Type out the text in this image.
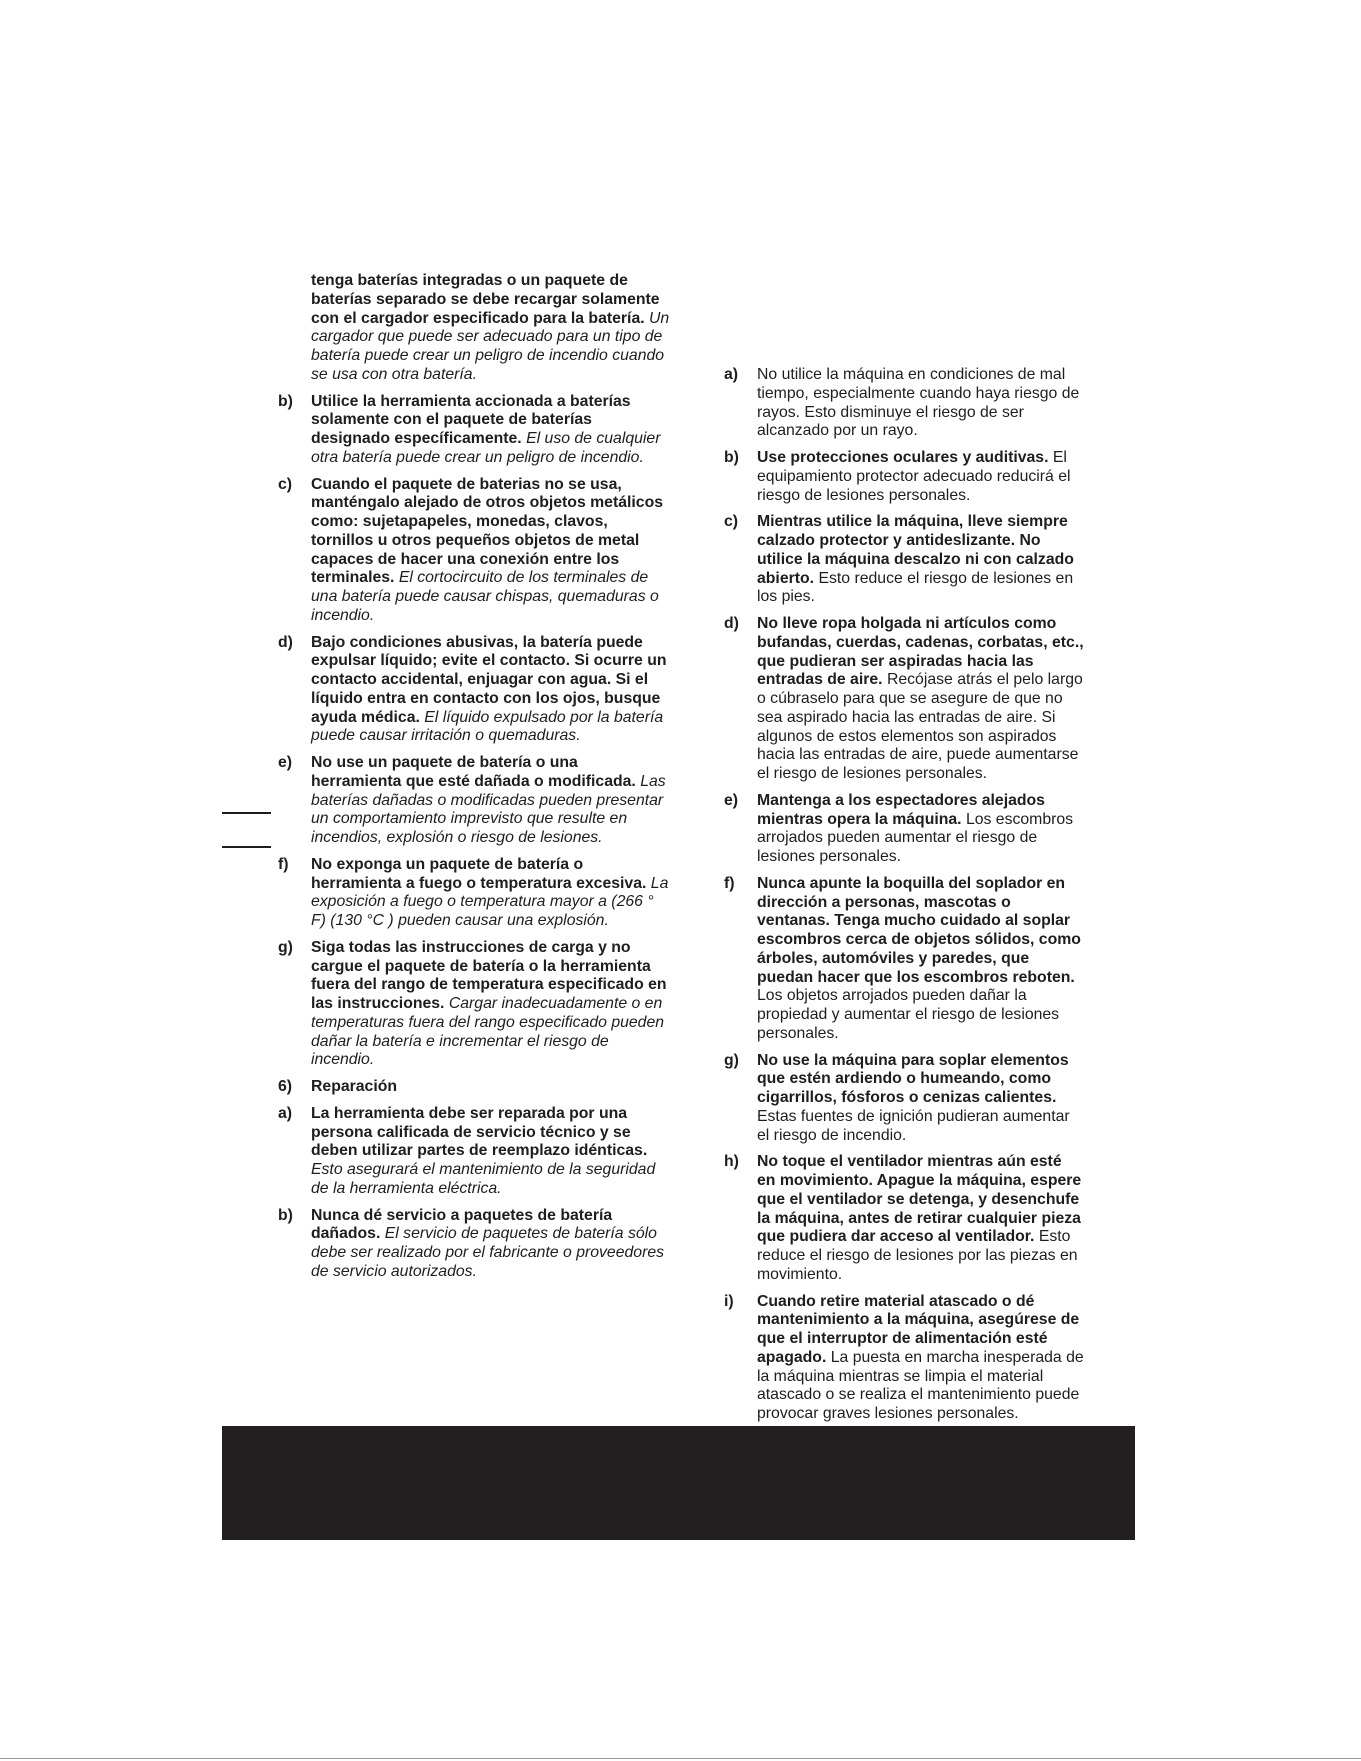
tenga baterías integradas o un paquete de baterías separado se debe recargar solamente con el cargador especificado para la batería. Un cargador que puede ser adecuado para un tipo de batería puede crear un peligro de incendio cuando se usa con otra batería.
b) Utilice la herramienta accionada a baterías solamente con el paquete de baterías designado específicamente. El uso de cualquier otra batería puede crear un peligro de incendio.
c) Cuando el paquete de baterias no se usa, manténgalo alejado de otros objetos metálicos como: sujetapapeles, monedas, clavos, tornillos u otros pequeños objetos de metal capaces de hacer una conexión entre los terminales. El cortocircuito de los terminales de una batería puede causar chispas, quemaduras o incendio.
d) Bajo condiciones abusivas, la batería puede expulsar líquido; evite el contacto. Si ocurre un contacto accidental, enjuagar con agua. Si el líquido entra en contacto con los ojos, busque ayuda médica. El líquido expulsado por la batería puede causar irritación o quemaduras.
e) No use un paquete de batería o una herramienta que esté dañada o modificada. Las baterías dañadas o modificadas pueden presentar un comportamiento imprevisto que resulte en incendios, explosión o riesgo de lesiones.
f) No exponga un paquete de batería o herramienta a fuego o temperatura excesiva. La exposición a fuego o temperatura mayor a (266 ° F) (130 °C ) pueden causar una explosión.
g) Siga todas las instrucciones de carga y no cargue el paquete de batería o la herramienta fuera del rango de temperatura especificado en las instrucciones. Cargar inadecuadamente o en temperaturas fuera del rango especificado pueden dañar la batería e incrementar el riesgo de incendio.
6) Reparación
a) La herramienta debe ser reparada por una persona calificada de servicio técnico y se deben utilizar partes de reemplazo idénticas. Esto asegurará el mantenimiento de la seguridad de la herramienta eléctrica.
b) Nunca dé servicio a paquetes de batería dañados. El servicio de paquetes de batería sólo debe ser realizado por el fabricante o proveedores de servicio autorizados.
a) No utilice la máquina en condiciones de mal tiempo, especialmente cuando haya riesgo de rayos. Esto disminuye el riesgo de ser alcanzado por un rayo.
b) Use protecciones oculares y auditivas. El equipamiento protector adecuado reducirá el riesgo de lesiones personales.
c) Mientras utilice la máquina, lleve siempre calzado protector y antideslizante. No utilice la máquina descalzo ni con calzado abierto. Esto reduce el riesgo de lesiones en los pies.
d) No lleve ropa holgada ni artículos como bufandas, cuerdas, cadenas, corbatas, etc., que pudieran ser aspiradas hacia las entradas de aire. Recójase atrás el pelo largo o cúbraselo para que se asegure de que no sea aspirado hacia las entradas de aire. Si algunos de estos elementos son aspirados hacia las entradas de aire, puede aumentarse el riesgo de lesiones personales.
e) Mantenga a los espectadores alejados mientras opera la máquina. Los escombros arrojados pueden aumentar el riesgo de lesiones personales.
f) Nunca apunte la boquilla del soplador en dirección a personas, mascotas o ventanas. Tenga mucho cuidado al soplar escombros cerca de objetos sólidos, como árboles, automóviles y paredes, que puedan hacer que los escombros reboten. Los objetos arrojados pueden dañar la propiedad y aumentar el riesgo de lesiones personales.
g) No use la máquina para soplar elementos que estén ardiendo o humeando, como cigarrillos, fósforos o cenizas calientes. Estas fuentes de ignición pudieran aumentar el riesgo de incendio.
h) No toque el ventilador mientras aún esté en movimiento. Apague la máquina, espere que el ventilador se detenga, y desenchufe la máquina, antes de retirar cualquier pieza que pudiera dar acceso al ventilador. Esto reduce el riesgo de lesiones por las piezas en movimiento.
i) Cuando retire material atascado o dé mantenimiento a la máquina, asegúrese de que el interruptor de alimentación esté apagado. La puesta en marcha inesperada de la máquina mientras se limpia el material atascado o se realiza el mantenimiento puede provocar graves lesiones personales.
